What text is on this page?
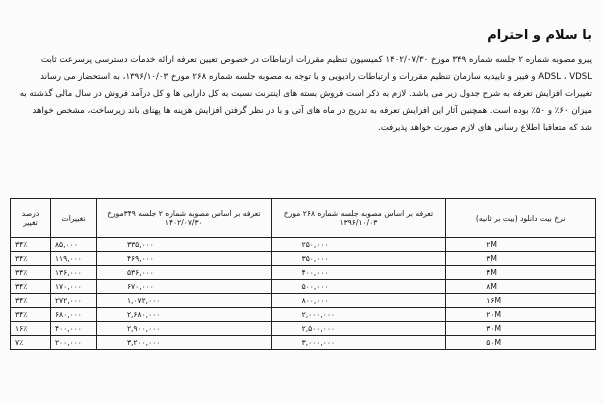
با سلام و احترام

پیرو مصوبه شماره ۲ جلسه شماره ۳۴۹ مورخ ۱۴۰۲/۰۷/۳۰ کمیسیون تنظیم مقررات ارتباطات در خصوص تعیین تعرفه ارائه خدمات دسترسی پرسرعت ثابت

ADSL ، VDSL و فیبر و تاییدیه سازمان تنظیم مقررات و ارتباطات رادیویی و با توجه به مصوبه جلسه شماره ۲۶۸ مورخ ۱۳۹۶/۱۰/۰۳، به استحضار می رساند

تغییرات افزایش تعرفه به شرح جدول زیر می باشد. لازم به ذکر است فروش بسته های اینترنت نسبت به کل دارایی ها و کل درآمد فروش در سال مالی گذشته به

میزان ۶۰٪ و ۵۰٪ بوده است. همچنین آثار این افزایش تعرفه به تدریج در ماه های آتی و با در نظر گرفتن افزایش هزینه ها پهنای باند زیرساخت، مشخص خواهد

شد که متعاقبا اطلاع رسانی های لازم صورت خواهد پذیرفت.

نرخ بیت دانلود (بیت بر ثانیه)	تعرفه بر اساس مصوبه جلسه شماره ۲۶۸ مورخ ۱۳۹۶/۱۰/۰۳	تعرفه بر اساس مصوبه شماره ۲ جلسه ۳۴۹مورخ ۱۴۰۲/۰۷/۳۰	تغییرات	درصد تغییر
۲M	۲۵۰,۰۰۰	۳۳۵,۰۰۰	۸۵,۰۰۰	۳۴٪
۳M	۳۵۰,۰۰۰	۴۶۹,۰۰۰	۱۱۹,۰۰۰	۳۴٪
۴M	۴۰۰,۰۰۰	۵۳۶,۰۰۰	۱۳۶,۰۰۰	۳۴٪
۸M	۵۰۰,۰۰۰	۶۷۰,۰۰۰	۱۷۰,۰۰۰	۳۴٪
۱۶M	۸۰۰,۰۰۰	۱,۰۷۲,۰۰۰	۲۷۲,۰۰۰	۳۴٪
۲۰M	۲,۰۰۰,۰۰۰	۲,۶۸۰,۰۰۰	۶۸۰,۰۰۰	۳۴٪
۳۰M	۲,۵۰۰,۰۰۰	۲,۹۰۰,۰۰۰	۴۰۰,۰۰۰	۱۶٪
۵۰M	۳,۰۰۰,۰۰۰	۳,۲۰۰,۰۰۰	۲۰۰,۰۰۰	۷٪
